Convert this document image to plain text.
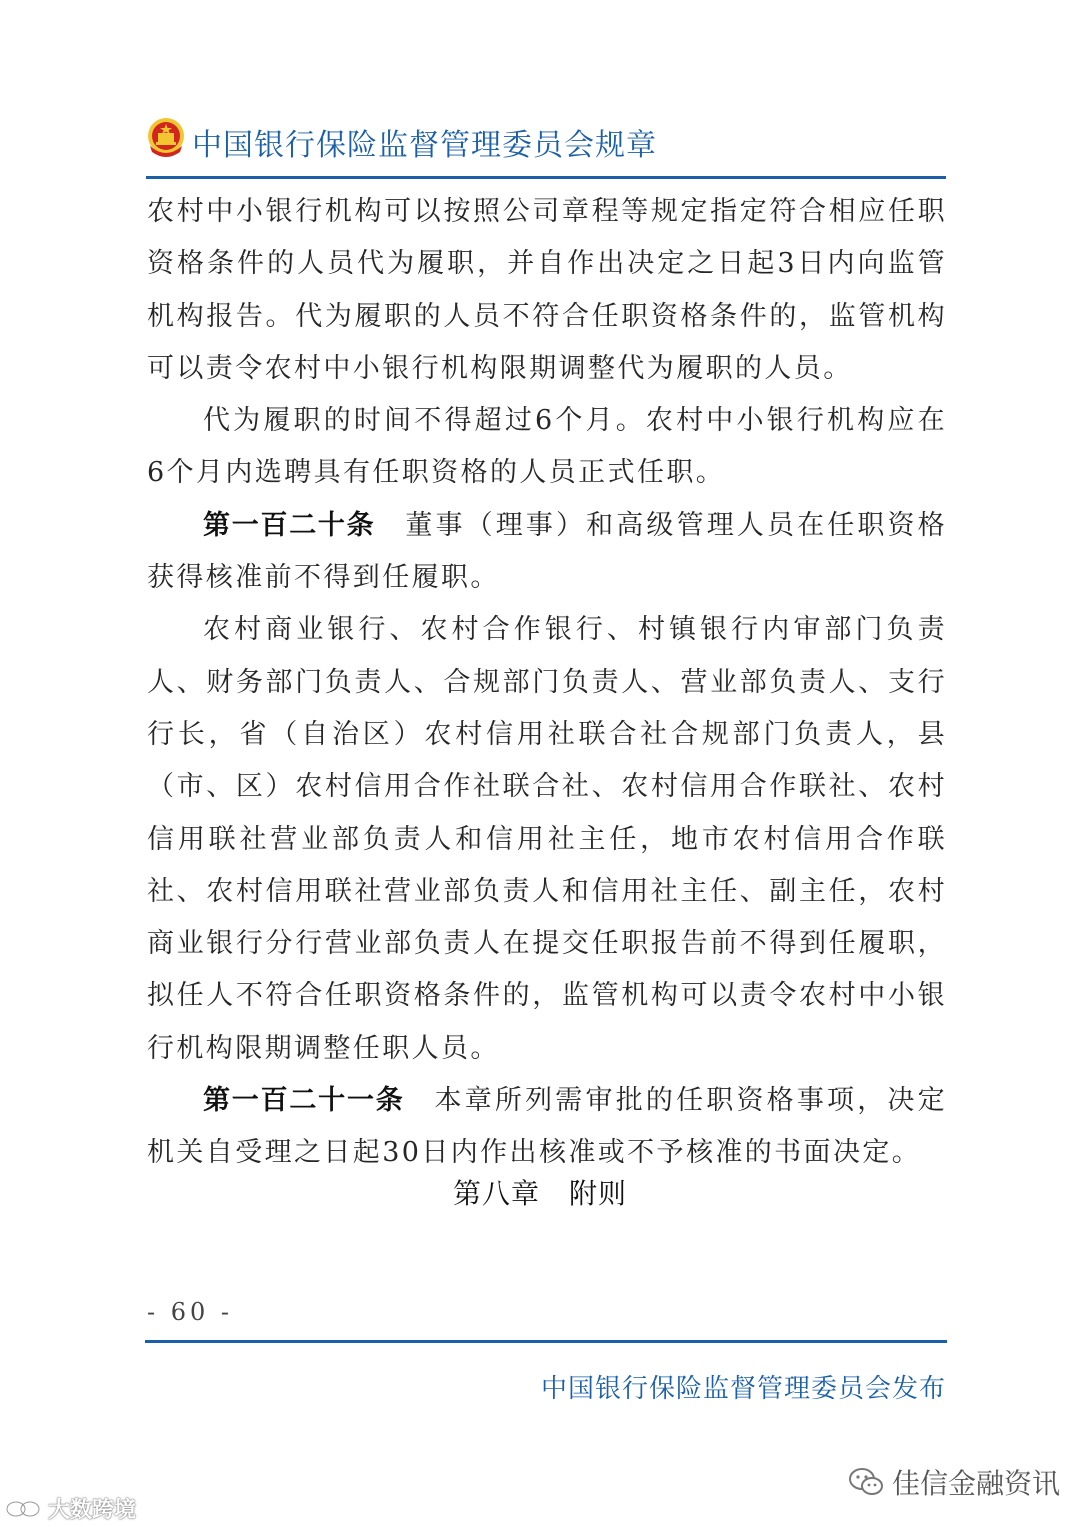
中国银行保险监督管理委员会规章

农村中小银行机构可以按照公司章程等规定指定符合相应任职资格条件的人员代为履职，并自作出决定之日起3日内向监管机构报告。代为履职的人员不符合任职资格条件的，监管机构可以责令农村中小银行机构限期调整代为履职的人员。

代为履职的时间不得超过6个月。农村中小银行机构应在6个月内选聘具有任职资格的人员正式任职。

第一百二十条 董事（理事）和高级管理人员在任职资格获得核准前不得到任履职。

农村商业银行、农村合作银行、村镇银行内审部门负责人、财务部门负责人、合规部门负责人、营业部负责人、支行行长，省（自治区）农村信用社联合社合规部门负责人，县（市、区）农村信用合作社联合社、农村信用合作联社、农村信用联社营业部负责人和信用社主任，地市农村信用合作联社、农村信用联社营业部负责人和信用社主任、副主任，农村商业银行分行营业部负责人在提交任职报告前不得到任履职，拟任人不符合任职资格条件的，监管机构可以责令农村中小银行机构限期调整任职人员。

第一百二十一条 本章所列需审批的任职资格事项，决定机关自受理之日起30日内作出核准或不予核准的书面决定。

第八章　附则
- 60 -
中国银行保险监督管理委员会发布
佳信金融资讯
大数跨境
